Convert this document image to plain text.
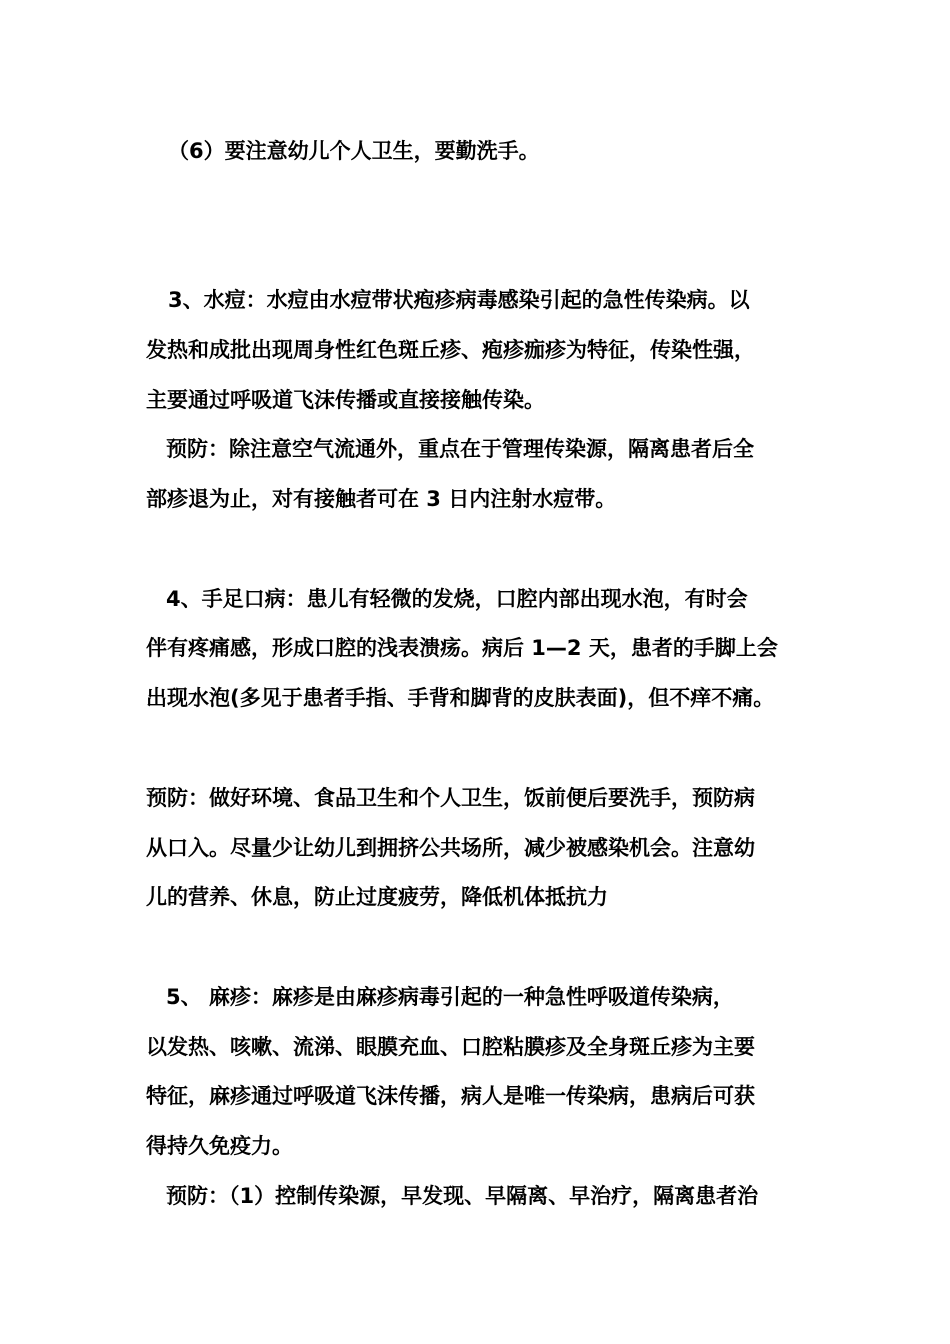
（6）要注意幼儿个人卫生，要勤洗手。
3、水痘：水痘由水痘带状疱疹病毒感染引起的急性传染病。以
发热和成批出现周身性红色斑丘疹、疱疹痂疹为特征，传染性强，
主要通过呼吸道飞沫传播或直接接触传染。
预防：除注意空气流通外，重点在于管理传染源，隔离患者后全
部疹退为止，对有接触者可在 3 日内注射水痘带。
4、手足口病：患儿有轻微的发烧，口腔内部出现水泡，有时会
伴有疼痛感，形成口腔的浅表溃疡。病后 1—2 天，患者的手脚上会
出现水泡(多见于患者手指、手背和脚背的皮肤表面)，但不痒不痛。
预防：做好环境、食品卫生和个人卫生，饭前便后要洗手，预防病
从口入。尽量少让幼儿到拥挤公共场所，减少被感染机会。注意幼
儿的营养、休息，防止过度疲劳，降低机体抵抗力
5、 麻疹：麻疹是由麻疹病毒引起的一种急性呼吸道传染病，
以发热、咳嗽、流涕、眼膜充血、口腔粘膜疹及全身斑丘疹为主要
特征，麻疹通过呼吸道飞沫传播，病人是唯一传染病，患病后可获
得持久免疫力。
预防：（1）控制传染源，早发现、早隔离、早治疗，隔离患者治
